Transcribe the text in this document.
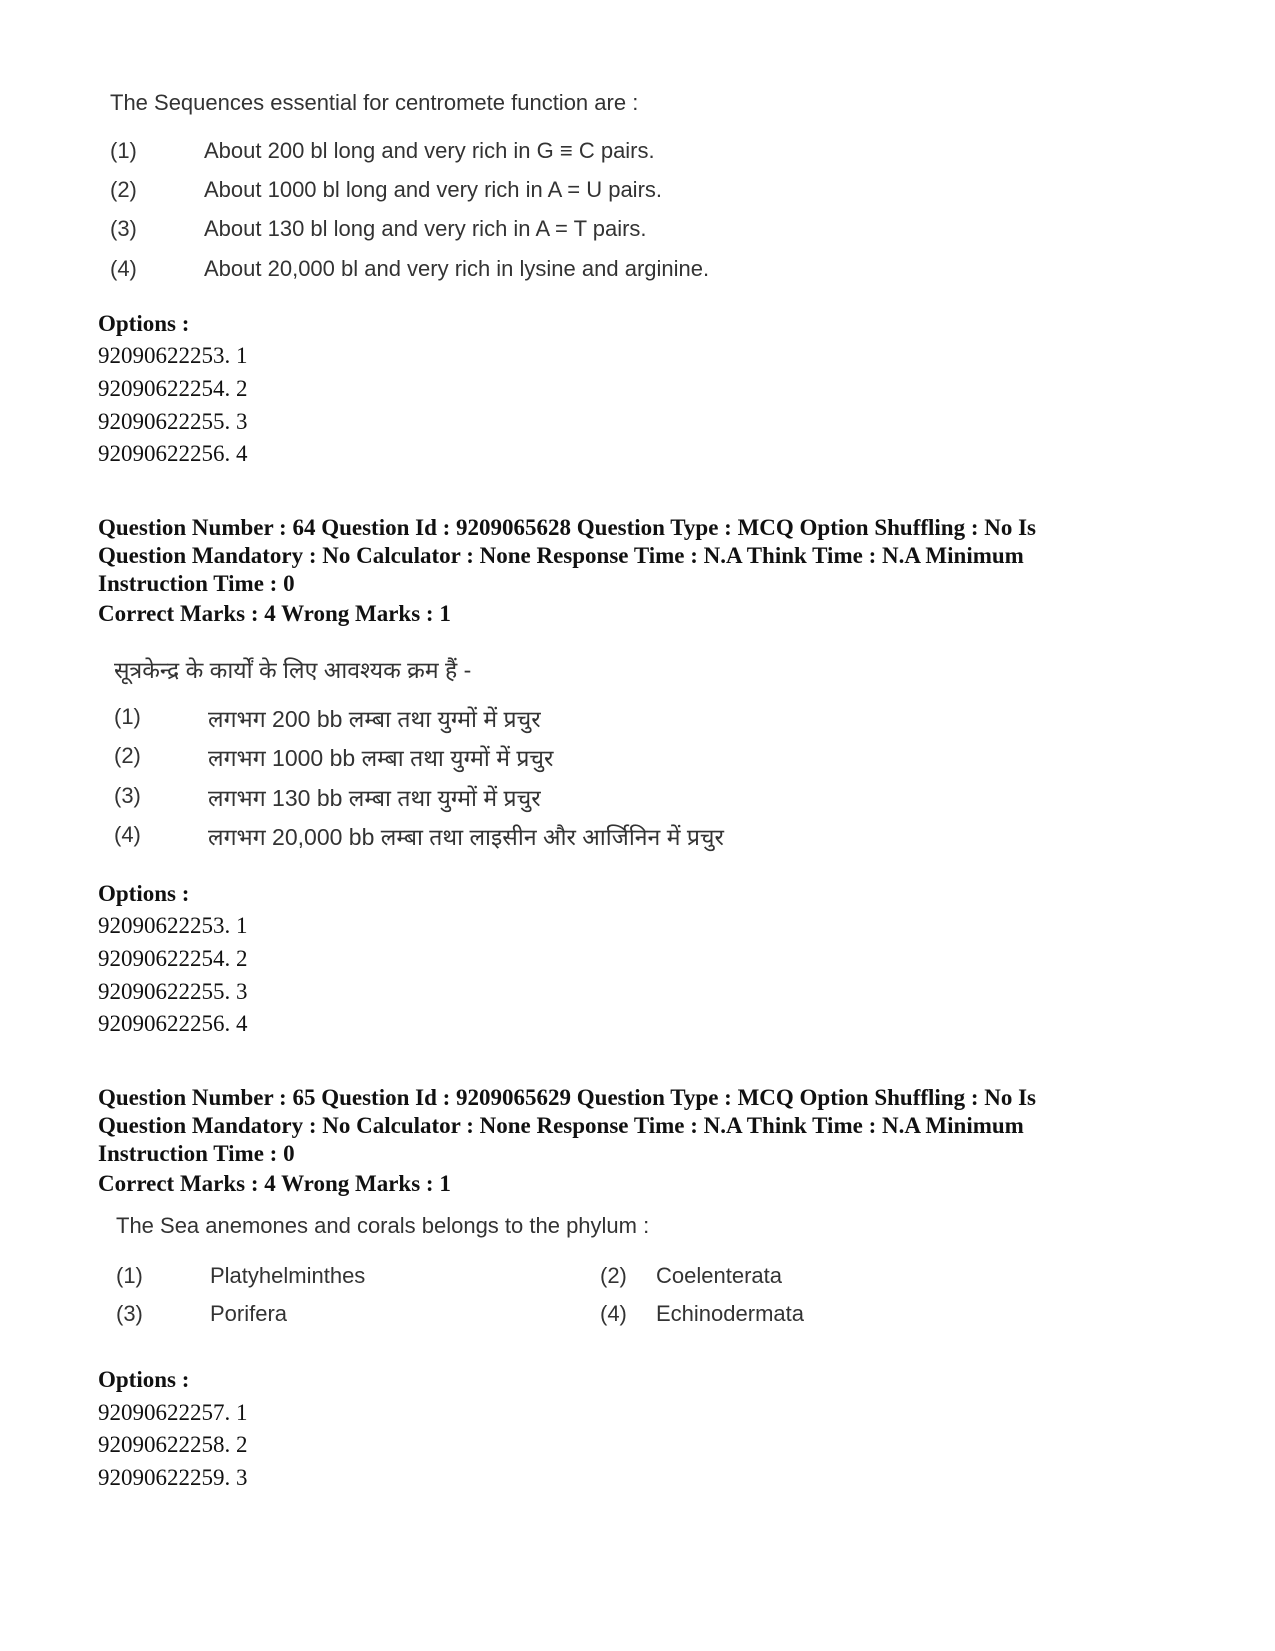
The Sequences essential for centromete function are :
(1)	About 200 bl long and very rich in G ≡ C pairs.
(2)	About 1000 bl long and very rich in A = U pairs.
(3)	About 130 bl long and very rich in A = T pairs.
(4)	About 20,000 bl and very rich in lysine and arginine.
Options :
92090622253. 1
92090622254. 2
92090622255. 3
92090622256. 4
Question Number : 64 Question Id : 9209065628 Question Type : MCQ Option Shuffling : No Is
Question Mandatory : No Calculator : None Response Time : N.A Think Time : N.A Minimum
Instruction Time : 0
Correct Marks : 4 Wrong Marks : 1
सूत्रकेन्द्र के कार्यों के लिए आवश्यक क्रम हैं -
(1)	लगभग 200 bb लम्बा तथा युग्मों में प्रचुर
(2)	लगभग 1000 bb लम्बा तथा युग्मों में प्रचुर
(3)	लगभग 130 bb लम्बा तथा युग्मों में प्रचुर
(4)	लगभग 20,000 bb लम्बा तथा लाइसीन और आर्जिनिन में प्रचुर
Options :
92090622253. 1
92090622254. 2
92090622255. 3
92090622256. 4
Question Number : 65 Question Id : 9209065629 Question Type : MCQ Option Shuffling : No Is
Question Mandatory : No Calculator : None Response Time : N.A Think Time : N.A Minimum
Instruction Time : 0
Correct Marks : 4 Wrong Marks : 1
The Sea anemones and corals belongs to the phylum :
(1)	Platyhelminthes	(2) Coelenterata
(3)	Porifera	(4) Echinodermata
Options :
92090622257. 1
92090622258. 2
92090622259. 3
